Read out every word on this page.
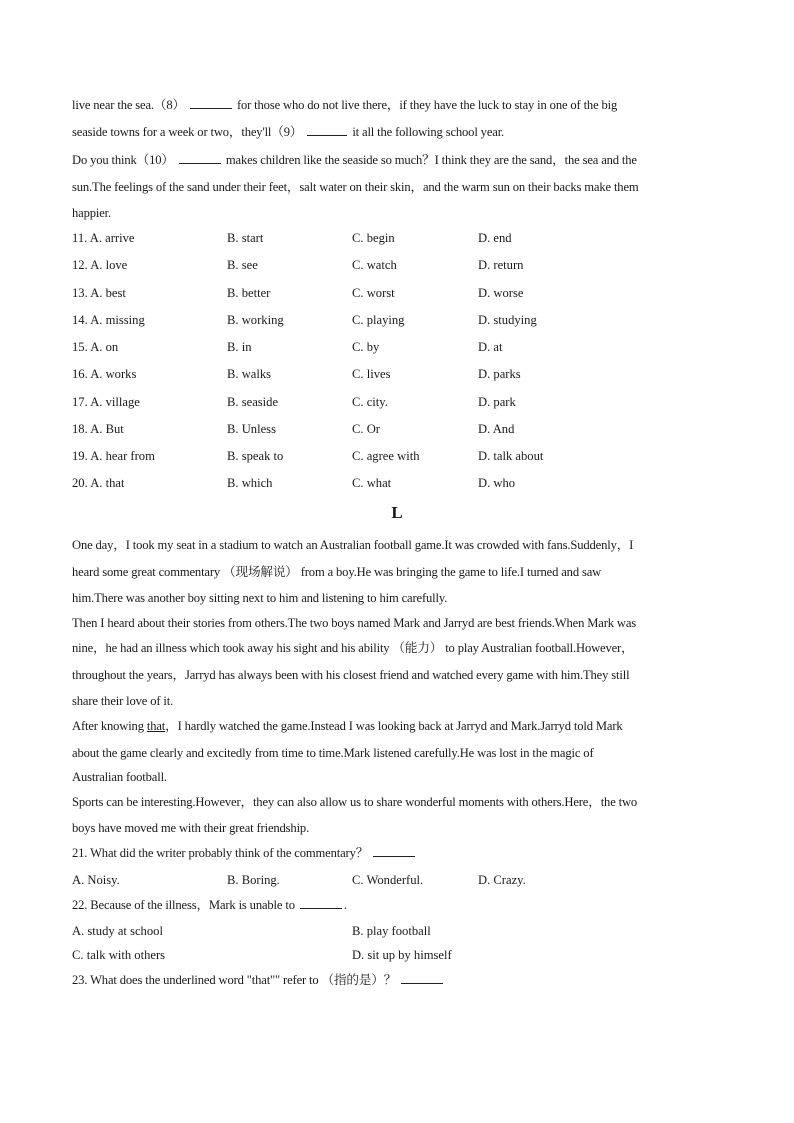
live near the sea.（8）	for those who do not live there，if they have the luck to stay in one of the big
seaside towns for a week or two，they'll（9）	it all the following school year.
Do you think（10）	makes children like the seaside so much？I think they are the sand，the sea and the
sun.The feelings of the sand under their feet，salt water on their skin，and the warm sun on their backs make them
happier.
11. A. arrive	B. start	C. begin	D. end
12. A. love	B. see	C. watch	D. return
13. A. best	B. better	C. worst	D. worse
14. A. missing	B. working	C. playing	D. studying
15. A. on	B. in	C. by	D. at
16. A. works	B. walks	C. lives	D. parks
17. A. village	B. seaside	C. city.	D. park
18. A. But	B. Unless	C. Or	D. And
19. A. hear from	B. speak to	C. agree with	D. talk about
20. A. that	B. which	C. what	D. who
L
One day，I took my seat in a stadium to watch an Australian football game.It was crowded with fans.Suddenly，I
heard some great commentary （现场解说） from a boy.He was bringing the game to life.I turned and saw
him.There was another boy sitting next to him and listening to him carefully.
Then I heard about their stories from others.The two boys named Mark and Jarryd are best friends.When Mark was
nine，he had an illness which took away his sight and his ability （能力） to play Australian football.However，
throughout the years，Jarryd has always been with his closest friend and watched every game with him.They still
share their love of it.
After knowing that，I hardly watched the game.Instead I was looking back at Jarryd and Mark.Jarryd told Mark
about the game clearly and excitedly from time to time.Mark listened carefully.He was lost in the magic of
Australian football.
Sports can be interesting.However，they can also allow us to share wonderful moments with others.Here，the two
boys have moved me with their great friendship.
21. What did the writer probably think of the commentary？
A. Noisy.	B. Boring.	C. Wonderful.	D. Crazy.
22. Because of the illness，Mark is unable to	.
A. study at school	B. play football
C. talk with others	D. sit up by himself
23. What does the underlined word "that"" refer to （指的是）？
